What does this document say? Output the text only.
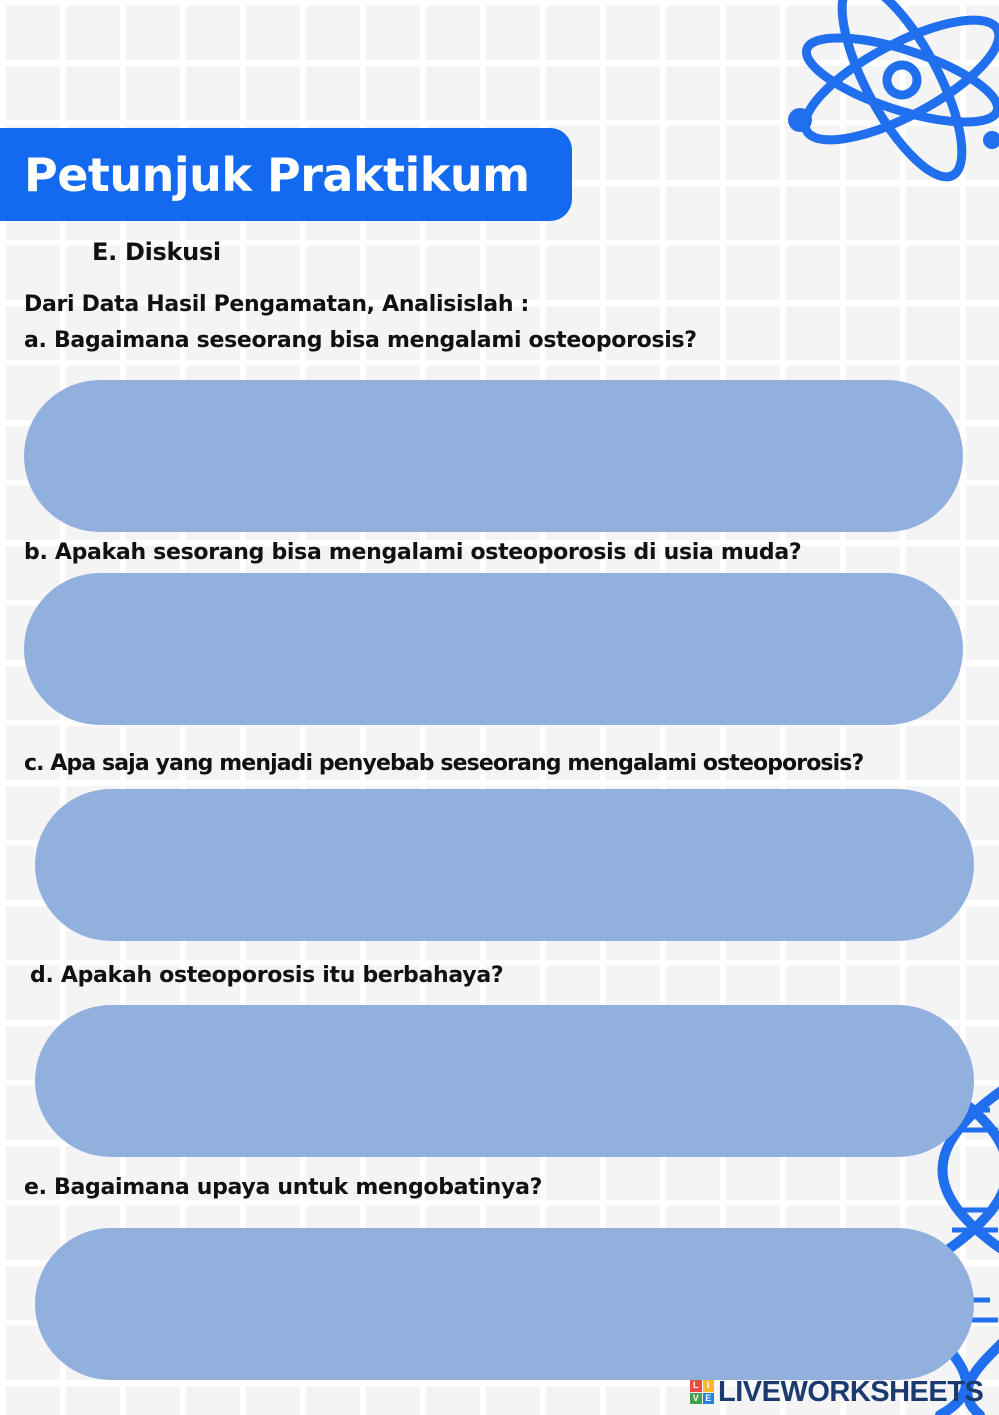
Petunjuk Praktikum
E. Diskusi
Dari Data Hasil Pengamatan, Analisislah :
a. Bagaimana seseorang bisa mengalami osteoporosis?
b. Apakah sesorang bisa mengalami osteoporosis di usia muda?
c. Apa saja yang menjadi penyebab seseorang mengalami osteoporosis?
d. Apakah osteoporosis itu berbahaya?
e. Bagaimana upaya untuk mengobatinya?
L I
V E LIVEWORKSHEETS
